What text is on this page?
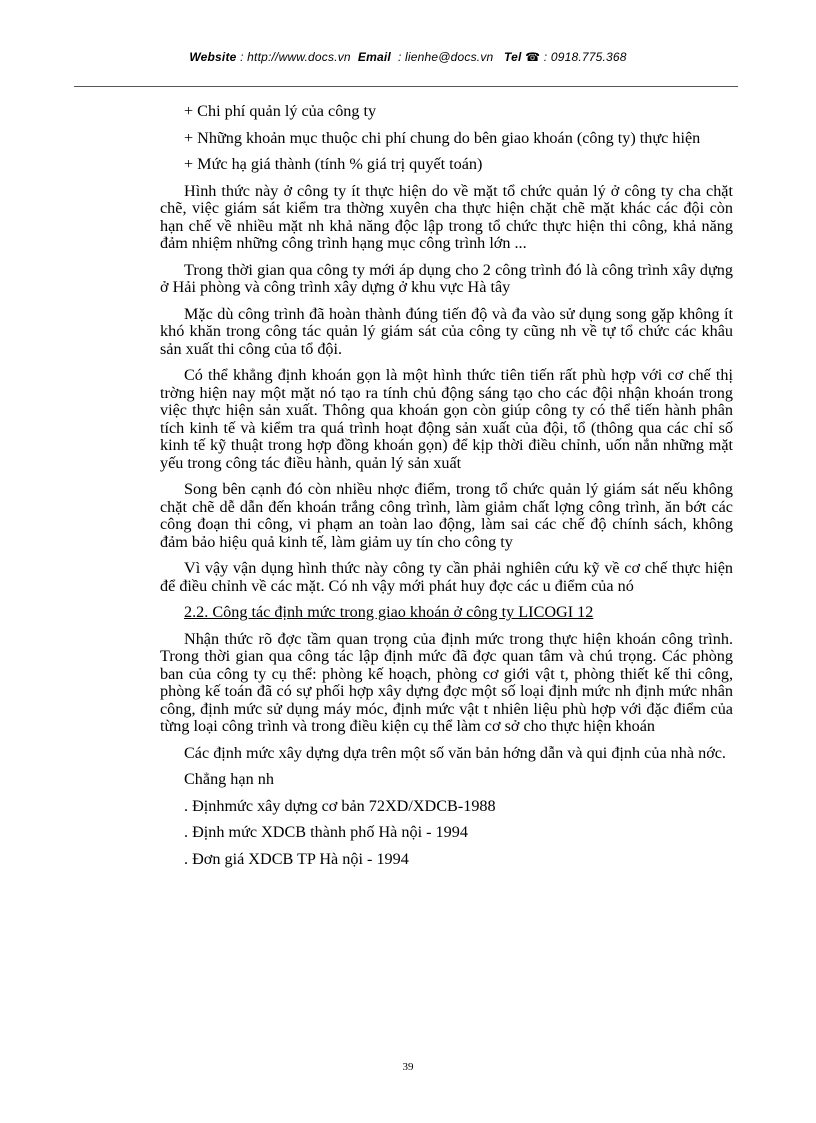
Website : http://www.docs.vn Email : lienhe@docs.vn Tel ☎ : 0918.775.368

+ Chi phí quản lý của công ty

+ Những khoản mục thuộc chi phí chung do bên giao khoán (công ty) thực hiện

+ Mức hạ giá thành (tính % giá trị quyết toán)

Hình thức này ở công ty ít thực hiện do về mặt tổ chức quản lý ở công ty cha chặt chẽ, việc giám sát kiểm tra thờng xuyên cha thực hiện chặt chẽ mặt khác các đội còn hạn chế về nhiều mặt nh khả năng độc lập trong tổ chức thực hiện thi công, khả năng đảm nhiệm những công trình hạng mục công trình lớn ...

Trong thời gian qua công ty mới áp dụng cho 2 công trình đó là công trình xây dựng ở Hải phòng và công trình xây dựng ở khu vực Hà tây

Mặc dù công trình đã hoàn thành đúng tiến độ và đa vào sử dụng song gặp không ít khó khăn trong công tác quản lý giám sát của công ty cũng nh về tự tổ chức các khâu sản xuất thi công của tổ đội.

Có thể khẳng định khoán gọn là một hình thức tiên tiến rất phù hợp với cơ chế thị trờng hiện nay một mặt nó tạo ra tính chủ động sáng tạo cho các đội nhận khoán trong việc thực hiện sản xuất. Thông qua khoán gọn còn giúp công ty có thể tiến hành phân tích kinh tế và kiểm tra quá trình hoạt động sản xuất của đội, tổ (thông qua các chỉ số kinh tế kỹ thuật trong hợp đồng khoán gọn) để kịp thời điều chỉnh, uốn nắn những mặt yếu trong công tác điều hành, quản lý sản xuất

Song bên cạnh đó còn nhiều nhợc điểm, trong tổ chức quản lý giám sát nếu không chặt chẽ dễ dẫn đến khoán trắng công trình, làm giảm chất lợng công trình, ăn bớt các công đoạn thi công, vi phạm an toàn lao động, làm sai các chế độ chính sách, không đảm bảo hiệu quả kinh tế, làm giảm uy tín cho công ty

Vì vậy vận dụng hình thức này công ty cần phải nghiên cứu kỹ về cơ chế thực hiện để điều chỉnh về các mặt. Có nh vậy mới phát huy đợc các u điểm của nó

2.2. Công tác định mức trong giao khoán ở công ty LICOGI 12

Nhận thức rõ đợc tầm quan trọng của định mức trong thực hiện khoán công trình. Trong thời gian qua công tác lập định mức đã đợc quan tâm và chú trọng. Các phòng ban của công ty cụ thể: phòng kế hoạch, phòng cơ giới vật t, phòng thiết kế thi công, phòng kế toán đã có sự phối hợp xây dựng đợc một số loại định mức nh định mức nhân công, định mức sử dụng máy móc, định mức vật t nhiên liệu phù hợp với đặc điểm của từng loại công trình và trong điều kiện cụ thể làm cơ sở cho thực hiện khoán

Các định mức xây dựng dựa trên một số văn bản hớng dẫn và qui định của nhà nớc.

Chẳng hạn nh

. Địnhmức xây dựng cơ bản 72XD/XDCB-1988

. Định mức XDCB thành phố Hà nội - 1994

. Đơn giá XDCB TP Hà nội - 1994

39
